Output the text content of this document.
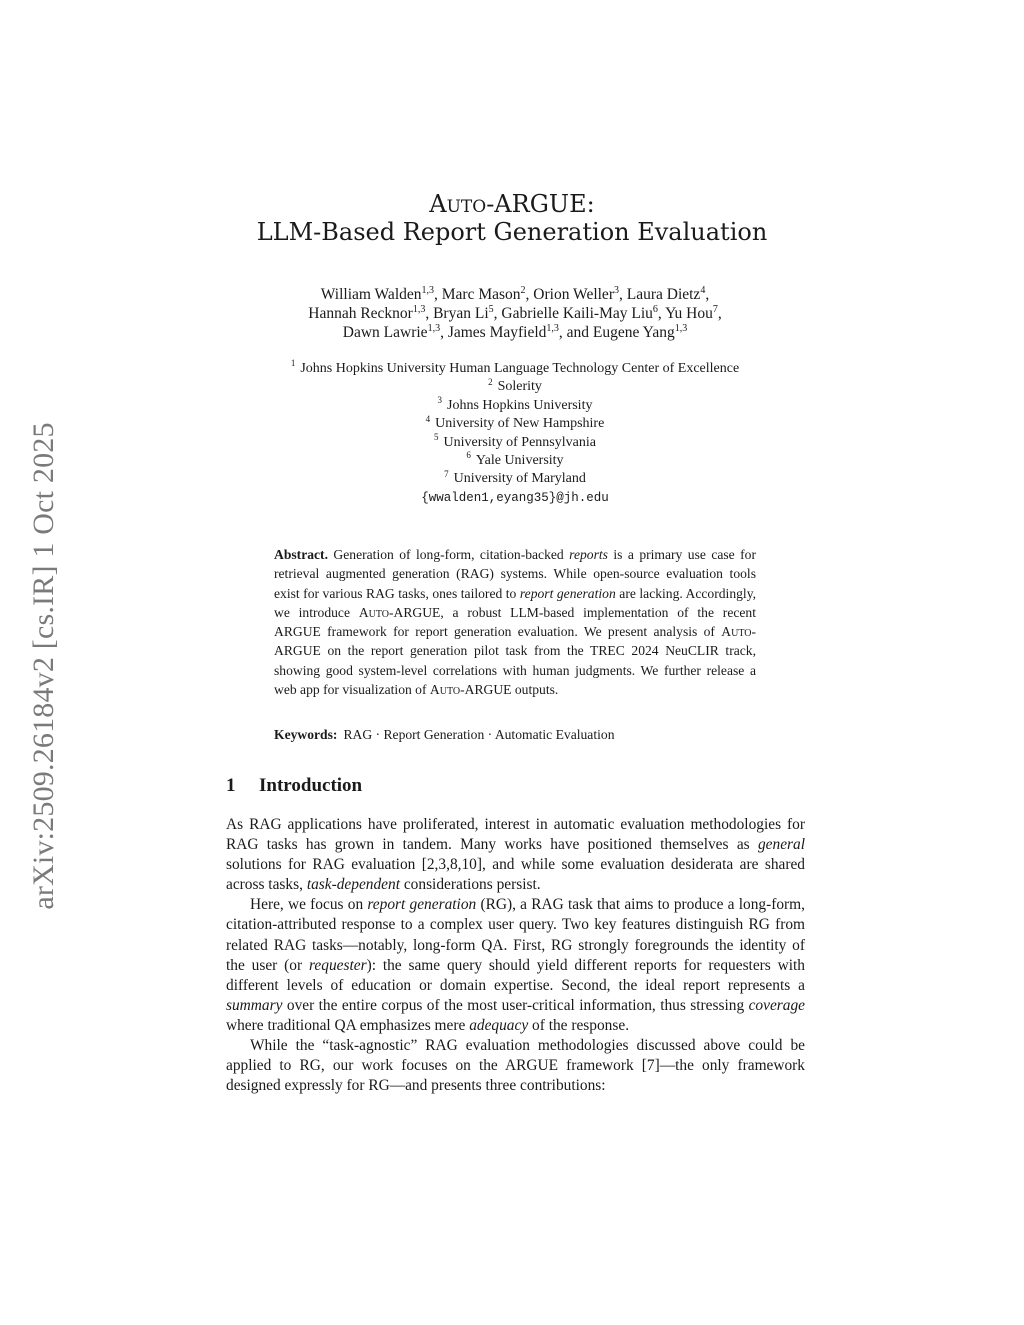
arXiv:2509.26184v2 [cs.IR] 1 Oct 2025
Auto-ARGUE:
LLM-Based Report Generation Evaluation
William Walden$^{1,3}$, Marc Mason$^2$, Orion Weller$^3$, Laura Dietz$^4$,
Hannah Recknor$^{1,3}$, Bryan Li$^5$, Gabrielle Kaili-May Liu$^6$, Yu Hou$^7$,
Dawn Lawrie$^{1,3}$, James Mayfield$^{1,3}$, and Eugene Yang$^{1,3}$
$^1$ Johns Hopkins University Human Language Technology Center of Excellence
$^2$ Solerity
$^3$ Johns Hopkins University
$^4$ University of New Hampshire
$^5$ University of Pennsylvania
$^6$ Yale University
$^7$ University of Maryland
{wwalden1,eyang35}@jh.edu
Abstract. Generation of long-form, citation-backed reports is a primary use case for retrieval augmented generation (RAG) systems. While open-source evaluation tools exist for various RAG tasks, ones tailored to report generation are lacking. Accordingly, we introduce Auto-ARGUE, a robust LLM-based implementation of the recent ARGUE framework for report generation evaluation. We present analysis of Auto-ARGUE on the report generation pilot task from the TREC 2024 NeuCLIR track, showing good system-level correlations with human judgments. We further release a web app for visualization of Auto-ARGUE outputs.
Keywords: RAG · Report Generation · Automatic Evaluation
1 Introduction

As RAG applications have proliferated, interest in automatic evaluation methodologies for RAG tasks has grown in tandem. Many works have positioned themselves as general solutions for RAG evaluation [2,3,8,10], and while some evaluation desiderata are shared across tasks, task-dependent considerations persist.

Here, we focus on report generation (RG), a RAG task that aims to produce a long-form, citation-attributed response to a complex user query. Two key features distinguish RG from related RAG tasks—notably, long-form QA. First, RG strongly foregrounds the identity of the user (or requester): the same query should yield different reports for requesters with different levels of education or domain expertise. Second, the ideal report represents a summary over the entire corpus of the most user-critical information, thus stressing coverage where traditional QA emphasizes mere adequacy of the response.

While the “task-agnostic” RAG evaluation methodologies discussed above could be applied to RG, our work focuses on the ARGUE framework [7]—the only framework designed expressly for RG—and presents three contributions:
